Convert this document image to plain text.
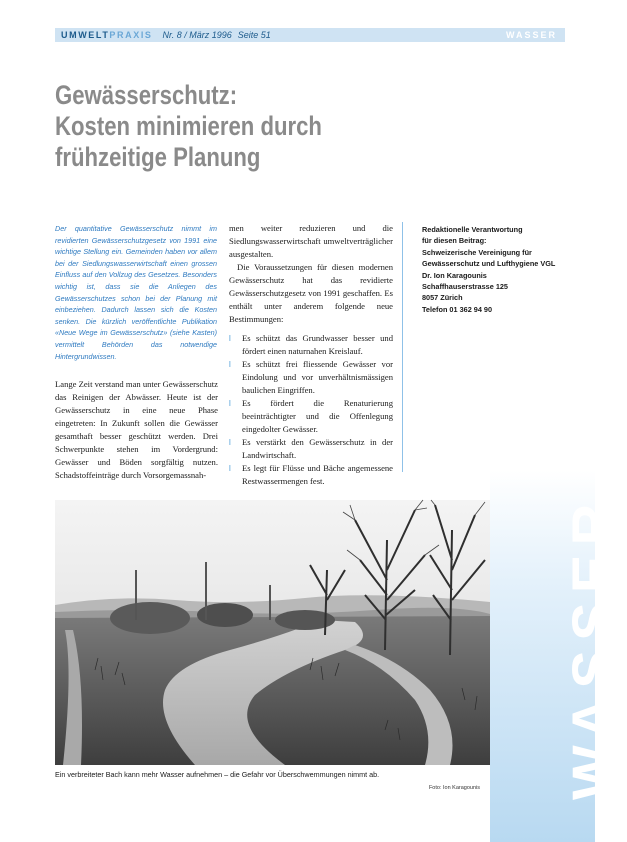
WASSER
UMWELTPRAXIS Nr. 8 / März 1996 Seite 51	WASSER
Gewässerschutz:
Kosten minimieren durch
frühzeitige Planung

Der quantitative Gewässerschutz nimmt im revidierten Gewässerschutzgesetz von 1991 eine wichtige Stellung ein. Gemeinden haben vor allem bei der Siedlungswasserwirtschaft einen grossen Einfluss auf den Vollzug des Gesetzes. Besonders wichtig ist, dass sie die Anliegen des Gewässerschutzes schon bei der Planung mit einbeziehen. Dadurch lassen sich die Kosten senken. Die kürzlich veröffentlichte Publikation «Neue Wege im Gewässerschutz» (siehe Kasten) vermittelt Behörden das notwendige Hintergrundwissen.

Lange Zeit verstand man unter Gewässerschutz das Reinigen der Abwässer. Heute ist der Gewässerschutz in eine neue Phase eingetreten: In Zukunft sollen die Gewässer gesamthaft besser geschützt werden. Drei Schwerpunkte stehen im Vordergrund: Gewässer und Böden sorgfältig nutzen. Schadstoffeinträge durch Vorsorgemassnah-

men weiter reduzieren und die Siedlungswasserwirtschaft umweltverträglicher ausgestalten.

Die Voraussetzungen für diesen modernen Gewässerschutz hat das revidierte Gewässerschutzgesetz von 1991 geschaffen. Es enthält unter anderem folgende neue Bestimmungen:

l Es schützt das Grundwasser besser und fördert einen naturnahen Kreislauf.
l Es schützt frei fliessende Gewässer vor Eindolung und vor unverhältnismässigen baulichen Eingriffen.
l Es fördert die Renaturierung beeinträchtigter und die Offenlegung eingedolter Gewässer.
l Es verstärkt den Gewässerschutz in der Landwirtschaft.
l Es legt für Flüsse und Bäche angemessene Restwassermengen fest.
Redaktionelle Verantwortung
für diesen Beitrag:
Schweizerische Vereinigung für
Gewässerschutz und Lufthygiene VGL
Dr. Ion Karagounis
Schaffhauserstrasse 125
8057 Zürich
Telefon 01 362 94 90
Ein verbreiteter Bach kann mehr Wasser aufnehmen – die Gefahr vor Überschwemmungen nimmt ab.
Foto: Ion Karagounis
